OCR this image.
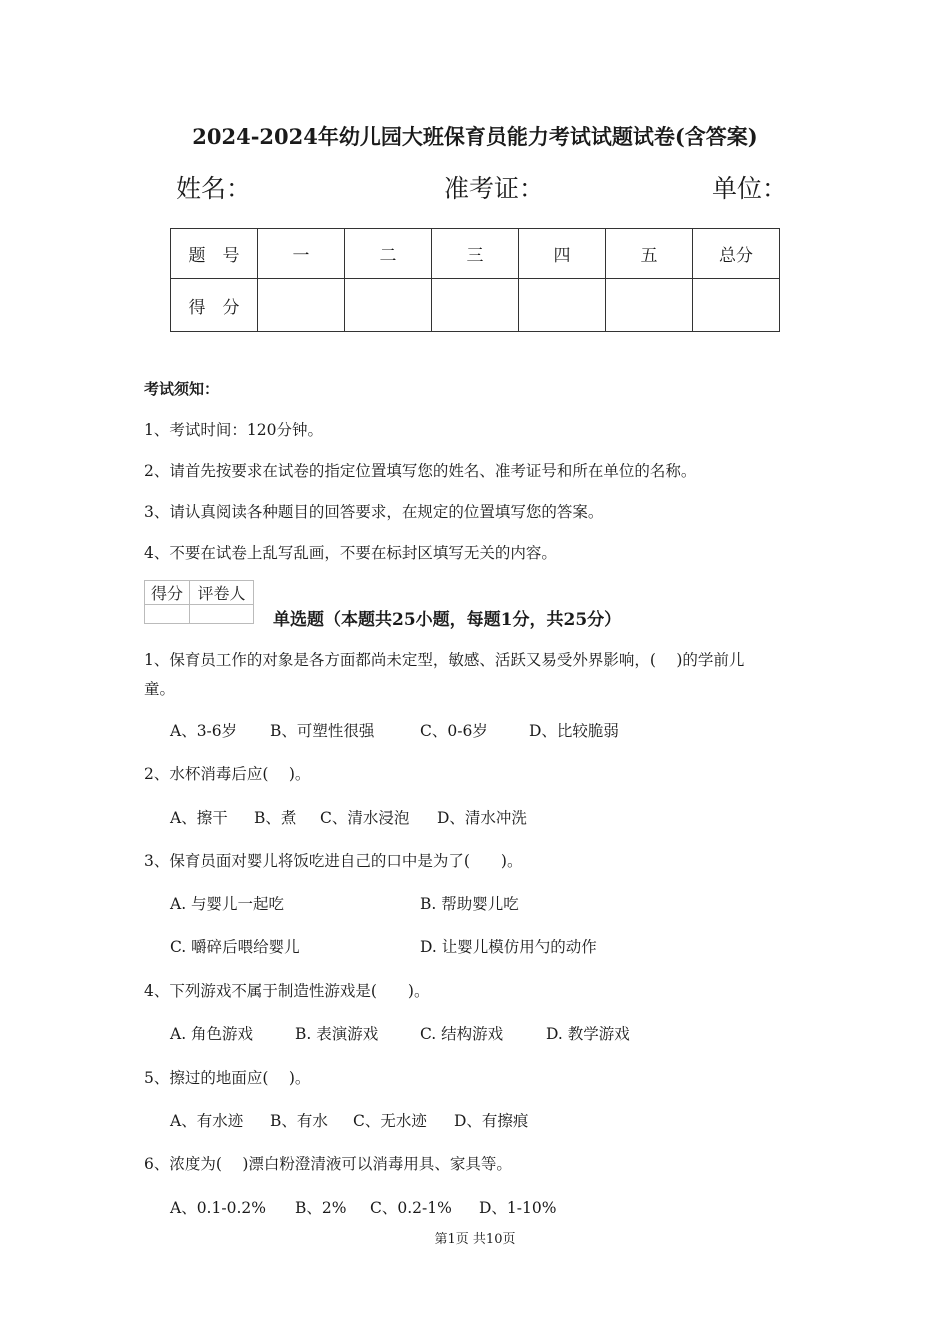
2024-2024年幼儿园大班保育员能力考试试题试卷(含答案)
姓名：	准考证：	单位：
题　号	一	二	三	四	五	总分
得　分						
考试须知：
1、考试时间：120分钟。
2、请首先按要求在试卷的指定位置填写您的姓名、准考证号和所在单位的名称。
3、请认真阅读各种题目的回答要求，在规定的位置填写您的答案。
4、不要在试卷上乱写乱画，不要在标封区填写无关的内容。
得分	评卷人

单选题（本题共25小题，每题1分，共25分）
1、保育员工作的对象是各方面都尚未定型，敏感、活跃又易受外界影响，(　 )的学前儿
童。
A、3-6岁 B、可塑性很强	C、0-6岁	D、比较脆弱
2、水杯消毒后应(　 )。
A、擦干 B、煮 C、清水浸泡 D、清水冲洗
3、保育员面对婴儿将饭吃进自己的口中是为了(　　)。
A. 与婴儿一起吃	B. 帮助婴儿吃
C. 嚼碎后喂给婴儿	D. 让婴儿模仿用勺的动作
4、下列游戏不属于制造性游戏是(　　)。
A. 角色游戏	B. 表演游戏	C. 结构游戏	D. 教学游戏
5、擦过的地面应(　 )。
A、有水迹 B、有水 C、无水迹 D、有擦痕
6、浓度为(　 )漂白粉澄清液可以消毒用具、家具等。
A、0.1-0.2% B、2% C、0.2-1% D、1-10%
第1页 共10页
